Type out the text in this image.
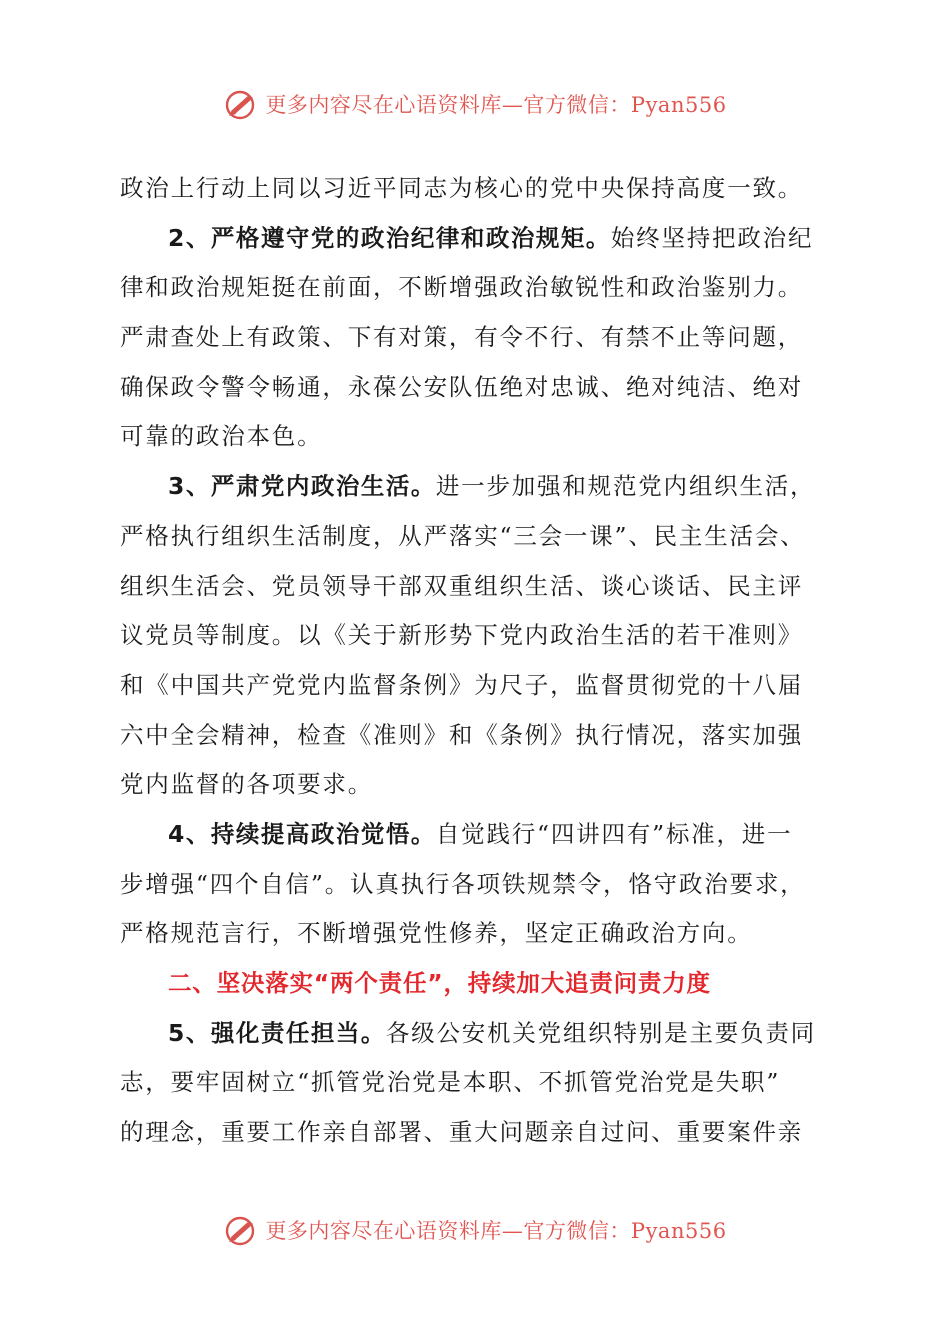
更多内容尽在心语资料库—官方微信：Pyan556
政治上行动上同以习近平同志为核心的党中央保持高度一致。
2、严格遵守党的政治纪律和政治规矩。始终坚持把政治纪
律和政治规矩挺在前面，不断增强政治敏锐性和政治鉴别力。
严肃查处上有政策、下有对策，有令不行、有禁不止等问题，
确保政令警令畅通，永葆公安队伍绝对忠诚、绝对纯洁、绝对
可靠的政治本色。
3、严肃党内政治生活。进一步加强和规范党内组织生活，
严格执行组织生活制度，从严落实“三会一课”、民主生活会、
组织生活会、党员领导干部双重组织生活、谈心谈话、民主评
议党员等制度。以《关于新形势下党内政治生活的若干准则》
和《中国共产党党内监督条例》为尺子，监督贯彻党的十八届
六中全会精神，检查《准则》和《条例》执行情况，落实加强
党内监督的各项要求。
4、持续提高政治觉悟。自觉践行“四讲四有”标准，进一
步增强“四个自信”。认真执行各项铁规禁令，恪守政治要求，
严格规范言行，不断增强党性修养，坚定正确政治方向。
二、坚决落实“两个责任”，持续加大追责问责力度
5、强化责任担当。各级公安机关党组织特别是主要负责同
志，要牢固树立“抓管党治党是本职、不抓管党治党是失职”
的理念，重要工作亲自部署、重大问题亲自过问、重要案件亲
更多内容尽在心语资料库—官方微信：Pyan556
